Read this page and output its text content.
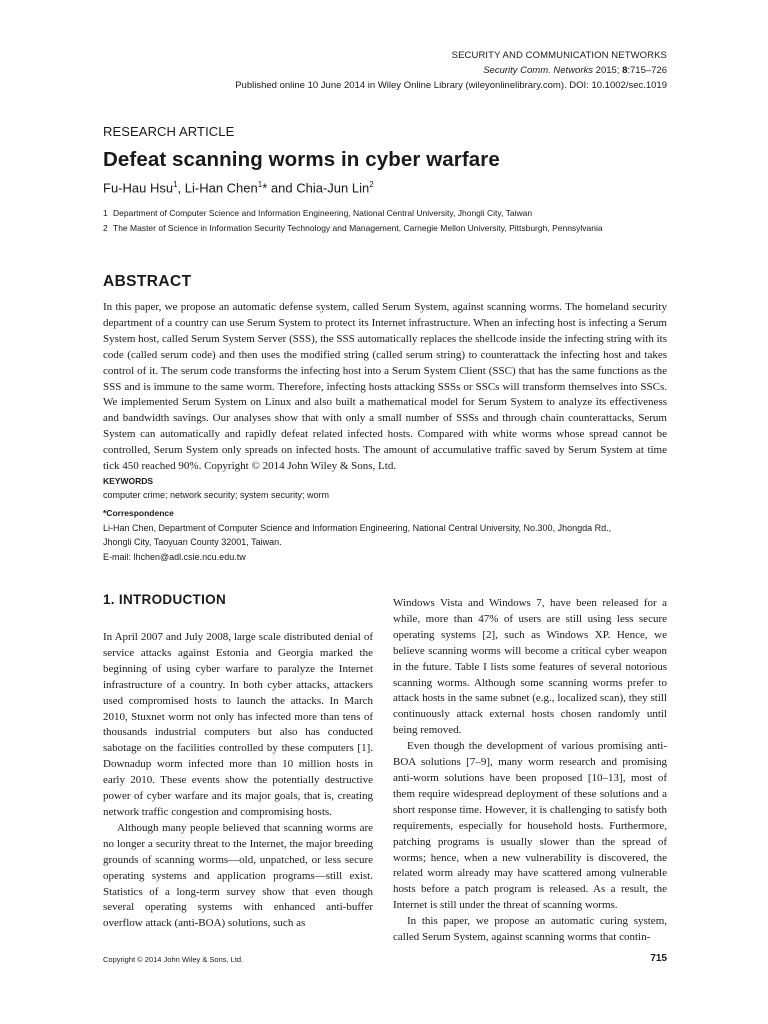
SECURITY AND COMMUNICATION NETWORKS
Security Comm. Networks 2015; 8:715–726
Published online 10 June 2014 in Wiley Online Library (wileyonlinelibrary.com). DOI: 10.1002/sec.1019
RESEARCH ARTICLE
Defeat scanning worms in cyber warfare
Fu-Hau Hsu$^1$, Li-Han Chen$^1$* and Chia-Jun Lin$^2$
1 Department of Computer Science and Information Engineering, National Central University, Jhongli City, Taiwan
2 The Master of Science in Information Security Technology and Management, Carnegie Mellon University, Pittsburgh, Pennsylvania
ABSTRACT

In this paper, we propose an automatic defense system, called Serum System, against scanning worms. The homeland security department of a country can use Serum System to protect its Internet infrastructure. When an infecting host is infecting a Serum System host, called Serum System Server (SSS), the SSS automatically replaces the shellcode inside the infecting string with its code (called serum code) and then uses the modified string (called serum string) to counterattack the infecting host and takes control of it. The serum code transforms the infecting host into a Serum System Client (SSC) that has the same functions as the SSS and is immune to the same worm. Therefore, infecting hosts attacking SSSs or SSCs will transform themselves into SSCs. We implemented Serum System on Linux and also built a mathematical model for Serum System to analyze its effectiveness and bandwidth savings. Our analyses show that with only a small number of SSSs and through chain counterattacks, Serum System can automatically and rapidly defeat related infected hosts. Compared with white worms whose spread cannot be controlled, Serum System only spreads on infected hosts. The amount of accumulative traffic saved by Serum System at time tick 450 reached 90%. Copyright © 2014 John Wiley & Sons, Ltd.

KEYWORDS
computer crime; network security; system security; worm
*Correspondence
Li-Han Chen, Department of Computer Science and Information Engineering, National Central University, No.300, Jhongda Rd.,
Jhongli City, Taoyuan County 32001, Taiwan.
E-mail: lhchen@adl.csie.ncu.edu.tw
1. INTRODUCTION

In April 2007 and July 2008, large scale distributed denial of service attacks against Estonia and Georgia marked the beginning of using cyber warfare to paralyze the Internet infrastructure of a country. In both cyber attacks, attackers used compromised hosts to launch the attacks. In March 2010, Stuxnet worm not only has infected more than tens of thousands industrial computers but also has conducted sabotage on the facilities controlled by these computers [1]. Downadup worm infected more than 10 million hosts in early 2010. These events show the potentially destructive power of cyber warfare and its major goals, that is, creating network traffic congestion and compromising hosts.

Although many people believed that scanning worms are no longer a security threat to the Internet, the major breeding grounds of scanning worms—old, unpatched, or less secure operating systems and application programs—still exist. Statistics of a long-term survey show that even though several operating systems with enhanced anti-buffer overflow attack (anti-BOA) solutions, such as

Windows Vista and Windows 7, have been released for a while, more than 47% of users are still using less secure operating systems [2], such as Windows XP. Hence, we believe scanning worms will become a critical cyber weapon in the future. Table I lists some features of several notorious scanning worms. Although some scanning worms prefer to attack hosts in the same subnet (e.g., localized scan), they still continuously attack external hosts chosen randomly until being removed.

Even though the development of various promising anti-BOA solutions [7–9], many worm research and promising anti-worm solutions have been proposed [10–13], most of them require widespread deployment of these solutions and a short response time. However, it is challenging to satisfy both requirements, especially for household hosts. Furthermore, patching programs is usually slower than the spread of worms; hence, when a new vulnerability is discovered, the related worm already may have scattered among vulnerable hosts before a patch program is released. As a result, the Internet is still under the threat of scanning worms.

In this paper, we propose an automatic curing system, called Serum System, against scanning worms that contin-

Copyright © 2014 John Wiley & Sons, Ltd.	715
